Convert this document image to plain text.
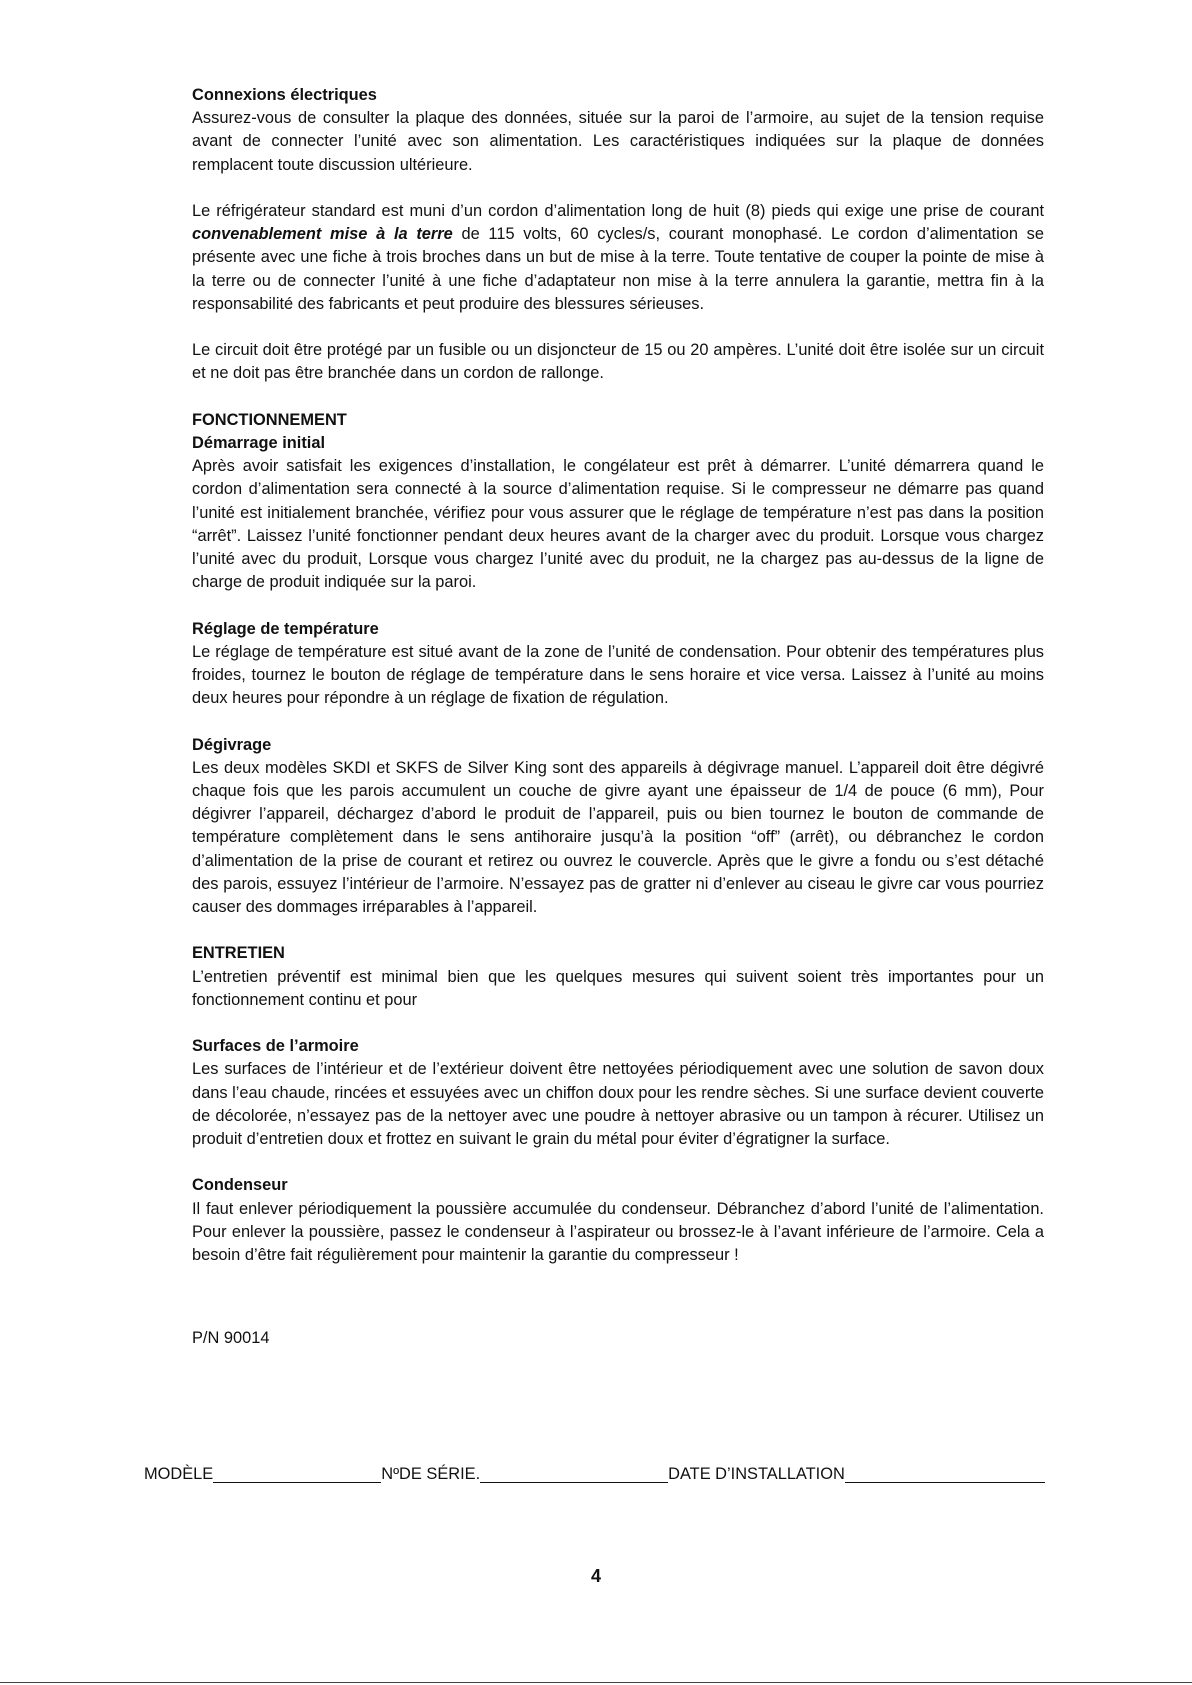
Connexions électriques

Assurez-vous de consulter la plaque des données, située sur la paroi de l’armoire, au sujet de la tension requise avant de connecter l’unité avec son alimentation. Les caractéristiques indiquées sur la plaque de données remplacent toute discussion ultérieure.

Le réfrigérateur standard est muni d’un cordon d’alimentation long de huit (8) pieds qui exige une prise de courant convenablement mise à la terre de 115 volts, 60 cycles/s, courant monophasé. Le cordon d’alimentation se présente avec une fiche à trois broches dans un but de mise à la terre. Toute tentative de couper la pointe de mise à la terre ou de connecter l’unité à une fiche d’adaptateur non mise à la terre annulera la garantie, mettra fin à la responsabilité des fabricants et peut produire des blessures sérieuses.

Le circuit doit être protégé par un fusible ou un disjoncteur de 15 ou 20 ampères. L’unité doit être isolée sur un circuit et ne doit pas être branchée dans un cordon de rallonge.

FONCTIONNEMENT

Démarrage initial

Après avoir satisfait les exigences d’installation, le congélateur est prêt à démarrer. L’unité démarrera quand le cordon d’alimentation sera connecté à la source d’alimentation requise. Si le compresseur ne démarre pas quand l’unité est initialement branchée, vérifiez pour vous assurer que le réglage de température n’est pas dans la position “arrêt”. Laissez l’unité fonctionner pendant deux heures avant de la charger avec du produit. Lorsque vous chargez l’unité avec du produit, Lorsque vous chargez l’unité avec du produit, ne la chargez pas au-dessus de la ligne de charge de produit indiquée sur la paroi.

Réglage de température

Le réglage de température est situé avant de la zone de l’unité de condensation. Pour obtenir des températures plus froides, tournez le bouton de réglage de température dans le sens horaire et vice versa. Laissez à l’unité au moins deux heures pour répondre à un réglage de fixation de régulation.

Dégivrage

Les deux modèles SKDI et SKFS de Silver King sont des appareils à dégivrage manuel. L’appareil doit être dégivré chaque fois que les parois accumulent un couche de givre ayant une épaisseur de 1/4 de pouce (6 mm), Pour dégivrer l’appareil, déchargez d’abord le produit de l’appareil, puis ou bien tournez le bouton de commande de température complètement dans le sens antihoraire jusqu’à la position “off” (arrêt), ou débranchez le cordon d’alimentation de la prise de courant et retirez ou ouvrez le couvercle. Après que le givre a fondu ou s’est détaché des parois, essuyez l’intérieur de l’armoire. N’essayez pas de gratter ni d’enlever au ciseau le givre car vous pourriez causer des dommages irréparables à l’appareil.

ENTRETIEN

L’entretien préventif est minimal bien que les quelques mesures qui suivent soient très importantes pour un fonctionnement continu et pour

Surfaces de l’armoire

Les surfaces de l’intérieur et de l’extérieur doivent être nettoyées périodiquement avec une solution de savon doux dans l’eau chaude, rincées et essuyées avec un chiffon doux pour les rendre sèches. Si une surface devient couverte de décolorée, n’essayez pas de la nettoyer avec une poudre à nettoyer abrasive ou un tampon à récurer. Utilisez un produit d’entretien doux et frottez en suivant le grain du métal pour éviter d’égratigner la surface.

Condenseur

Il faut enlever périodiquement la poussière accumulée du condenseur. Débranchez d’abord l’unité de l’alimentation. Pour enlever la poussière, passez le condenseur à l’aspirateur ou brossez-le à l’avant inférieure de l’armoire. Cela a besoin d’être fait régulièrement pour maintenir la garantie du compresseur !

P/N 90014
MODÈLE	NºDE SÉRIE.	DATE D’INSTALLATION
4
